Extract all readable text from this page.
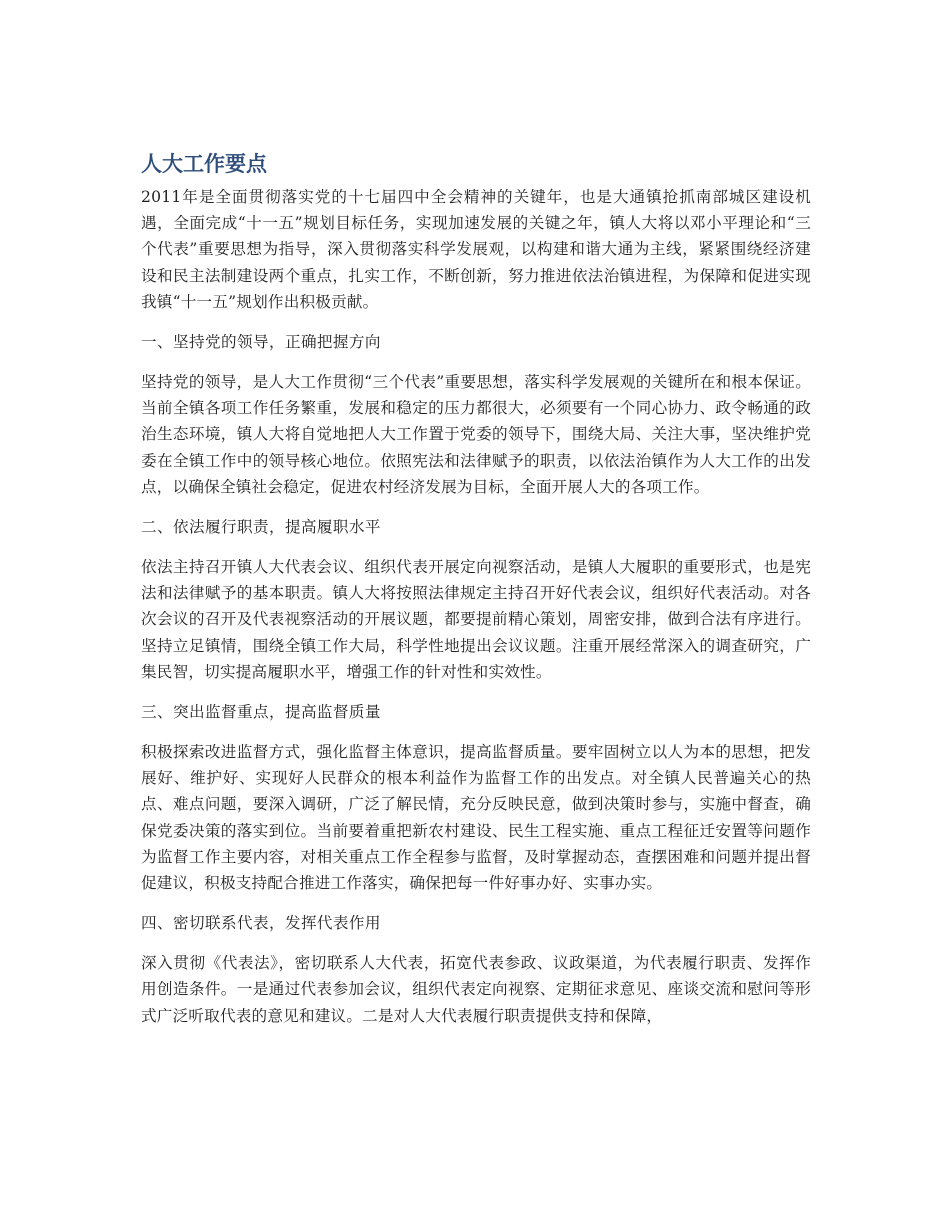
人大工作要点

2011年是全面贯彻落实党的十七届四中全会精神的关键年，也是大通镇抢抓南部城区建设机遇，全面完成“十一五”规划目标任务，实现加速发展的关键之年，镇人大将以邓小平理论和“三个代表”重要思想为指导，深入贯彻落实科学发展观，以构建和谐大通为主线，紧紧围绕经济建设和民主法制建设两个重点，扎实工作，不断创新，努力推进依法治镇进程，为保障和促进实现我镇“十一五”规划作出积极贡献。

一、坚持党的领导，正确把握方向

坚持党的领导，是人大工作贯彻“三个代表”重要思想，落实科学发展观的关键所在和根本保证。当前全镇各项工作任务繁重，发展和稳定的压力都很大，必须要有一个同心协力、政令畅通的政治生态环境，镇人大将自觉地把人大工作置于党委的领导下，围绕大局、关注大事，坚决维护党委在全镇工作中的领导核心地位。依照宪法和法律赋予的职责，以依法治镇作为人大工作的出发点，以确保全镇社会稳定，促进农村经济发展为目标，全面开展人大的各项工作。

二、依法履行职责，提高履职水平

依法主持召开镇人大代表会议、组织代表开展定向视察活动，是镇人大履职的重要形式，也是宪法和法律赋予的基本职责。镇人大将按照法律规定主持召开好代表会议，组织好代表活动。对各次会议的召开及代表视察活动的开展议题，都要提前精心策划，周密安排，做到合法有序进行。坚持立足镇情，围绕全镇工作大局，科学性地提出会议议题。注重开展经常深入的调查研究，广集民智，切实提高履职水平，增强工作的针对性和实效性。

三、突出监督重点，提高监督质量

积极探索改进监督方式，强化监督主体意识，提高监督质量。要牢固树立以人为本的思想，把发展好、维护好、实现好人民群众的根本利益作为监督工作的出发点。对全镇人民普遍关心的热点、难点问题，要深入调研，广泛了解民情，充分反映民意，做到决策时参与，实施中督查，确保党委决策的落实到位。当前要着重把新农村建设、民生工程实施、重点工程征迁安置等问题作为监督工作主要内容，对相关重点工作全程参与监督，及时掌握动态，查摆困难和问题并提出督促建议，积极支持配合推进工作落实，确保把每一件好事办好、实事办实。

四、密切联系代表，发挥代表作用

深入贯彻《代表法》，密切联系人大代表，拓宽代表参政、议政渠道，为代表履行职责、发挥作用创造条件。一是通过代表参加会议，组织代表定向视察、定期征求意见、座谈交流和慰问等形式广泛听取代表的意见和建议。二是对人大代表履行职责提供支持和保障，
